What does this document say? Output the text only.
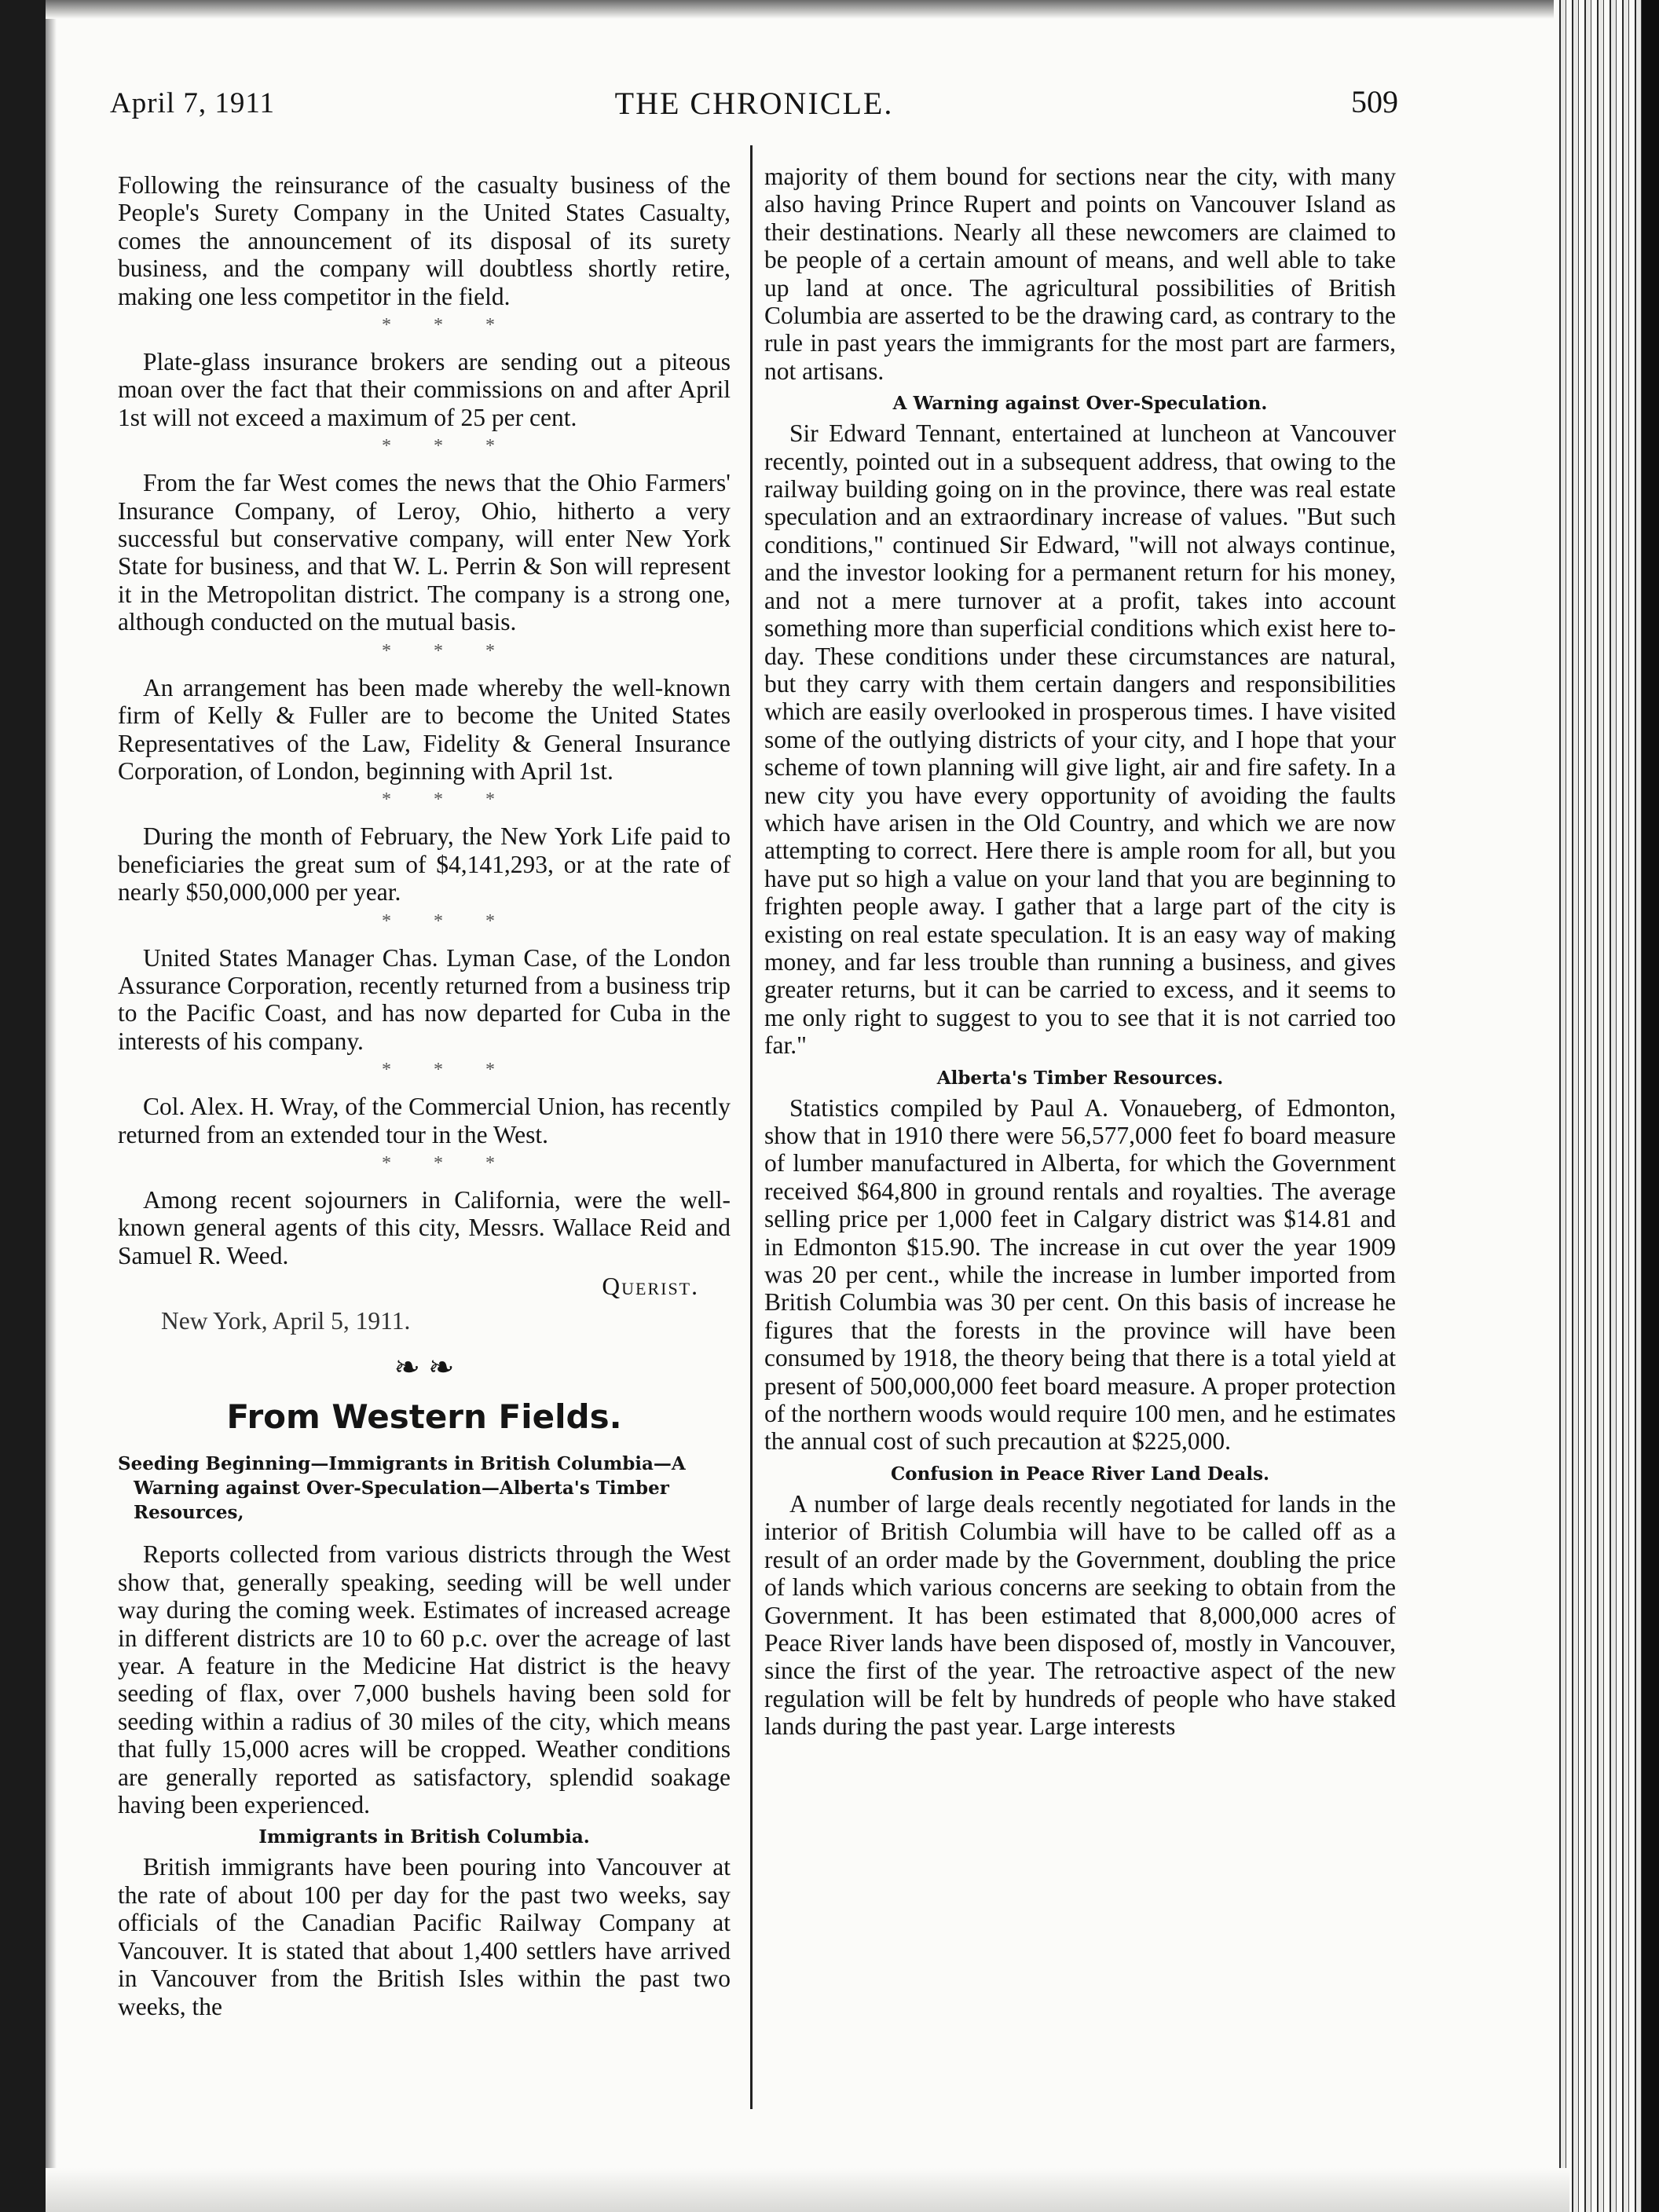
April 7, 1911	THE CHRONICLE.	509

Following the reinsurance of the casualty business of the People's Surety Company in the United States Casualty, comes the announcement of its disposal of its surety business, and the company will doubtless shortly retire, making one less competitor in the field.

* * *

Plate-glass insurance brokers are sending out a piteous moan over the fact that their commissions on and after April 1st will not exceed a maximum of 25 per cent.

* * *

From the far West comes the news that the Ohio Farmers' Insurance Company, of Leroy, Ohio, hitherto a very successful but conservative company, will enter New York State for business, and that W. L. Perrin & Son will represent it in the Metropolitan district. The company is a strong one, although conducted on the mutual basis.

* * *

An arrangement has been made whereby the well-known firm of Kelly & Fuller are to become the United States Representatives of the Law, Fidelity & General Insurance Corporation, of London, beginning with April 1st.

* * *

During the month of February, the New York Life paid to beneficiaries the great sum of $4,141,293, or at the rate of nearly $50,000,000 per year.

* * *

United States Manager Chas. Lyman Case, of the London Assurance Corporation, recently returned from a business trip to the Pacific Coast, and has now departed for Cuba in the interests of his company.

* * *

Col. Alex. H. Wray, of the Commercial Union, has recently returned from an extended tour in the West.

* * *

Among recent sojourners in California, were the well-known general agents of this city, Messrs. Wallace Reid and Samuel R. Weed.

Querist.
New York, April 5, 1911.
❧ ❧
From Western Fields.
Seeding Beginning—Immigrants in British Columbia—A Warning against Over-Speculation—Alberta's Timber Resources,

Reports collected from various districts through the West show that, generally speaking, seeding will be well under way during the coming week. Estimates of increased acreage in different districts are 10 to 60 p.c. over the acreage of last year. A feature in the Medicine Hat district is the heavy seeding of flax, over 7,000 bushels having been sold for seeding within a radius of 30 miles of the city, which means that fully 15,000 acres will be cropped. Weather conditions are generally reported as satisfactory, splendid soakage having been experienced.

Immigrants in British Columbia.

British immigrants have been pouring into Vancouver at the rate of about 100 per day for the past two weeks, say officials of the Canadian Pacific Railway Company at Vancouver. It is stated that about 1,400 settlers have arrived in Vancouver from the British Isles within the past two weeks, the

majority of them bound for sections near the city, with many also having Prince Rupert and points on Vancouver Island as their destinations. Nearly all these newcomers are claimed to be people of a certain amount of means, and well able to take up land at once. The agricultural possibilities of British Columbia are asserted to be the drawing card, as contrary to the rule in past years the immigrants for the most part are farmers, not artisans.

A Warning against Over-Speculation.

Sir Edward Tennant, entertained at luncheon at Vancouver recently, pointed out in a subsequent address, that owing to the railway building going on in the province, there was real estate speculation and an extraordinary increase of values. "But such conditions," continued Sir Edward, "will not always continue, and the investor looking for a permanent return for his money, and not a mere turnover at a profit, takes into account something more than superficial conditions which exist here to-day. These conditions under these circumstances are natural, but they carry with them certain dangers and responsibilities which are easily overlooked in prosperous times. I have visited some of the outlying districts of your city, and I hope that your scheme of town planning will give light, air and fire safety. In a new city you have every opportunity of avoiding the faults which have arisen in the Old Country, and which we are now attempting to correct. Here there is ample room for all, but you have put so high a value on your land that you are beginning to frighten people away. I gather that a large part of the city is existing on real estate speculation. It is an easy way of making money, and far less trouble than running a business, and gives greater returns, but it can be carried to excess, and it seems to me only right to suggest to you to see that it is not carried too far."

Alberta's Timber Resources.

Statistics compiled by Paul A. Vonaueberg, of Edmonton, show that in 1910 there were 56,577,000 feet fo board measure of lumber manufactured in Alberta, for which the Government received $64,800 in ground rentals and royalties. The average selling price per 1,000 feet in Calgary district was $14.81 and in Edmonton $15.90. The increase in cut over the year 1909 was 20 per cent., while the increase in lumber imported from British Columbia was 30 per cent. On this basis of increase he figures that the forests in the province will have been consumed by 1918, the theory being that there is a total yield at present of 500,000,000 feet board measure. A proper protection of the northern woods would require 100 men, and he estimates the annual cost of such precaution at $225,000.

Confusion in Peace River Land Deals.

A number of large deals recently negotiated for lands in the interior of British Columbia will have to be called off as a result of an order made by the Government, doubling the price of lands which various concerns are seeking to obtain from the Government. It has been estimated that 8,000,000 acres of Peace River lands have been disposed of, mostly in Vancouver, since the first of the year. The retroactive aspect of the new regulation will be felt by hundreds of people who have staked lands during the past year. Large interests
